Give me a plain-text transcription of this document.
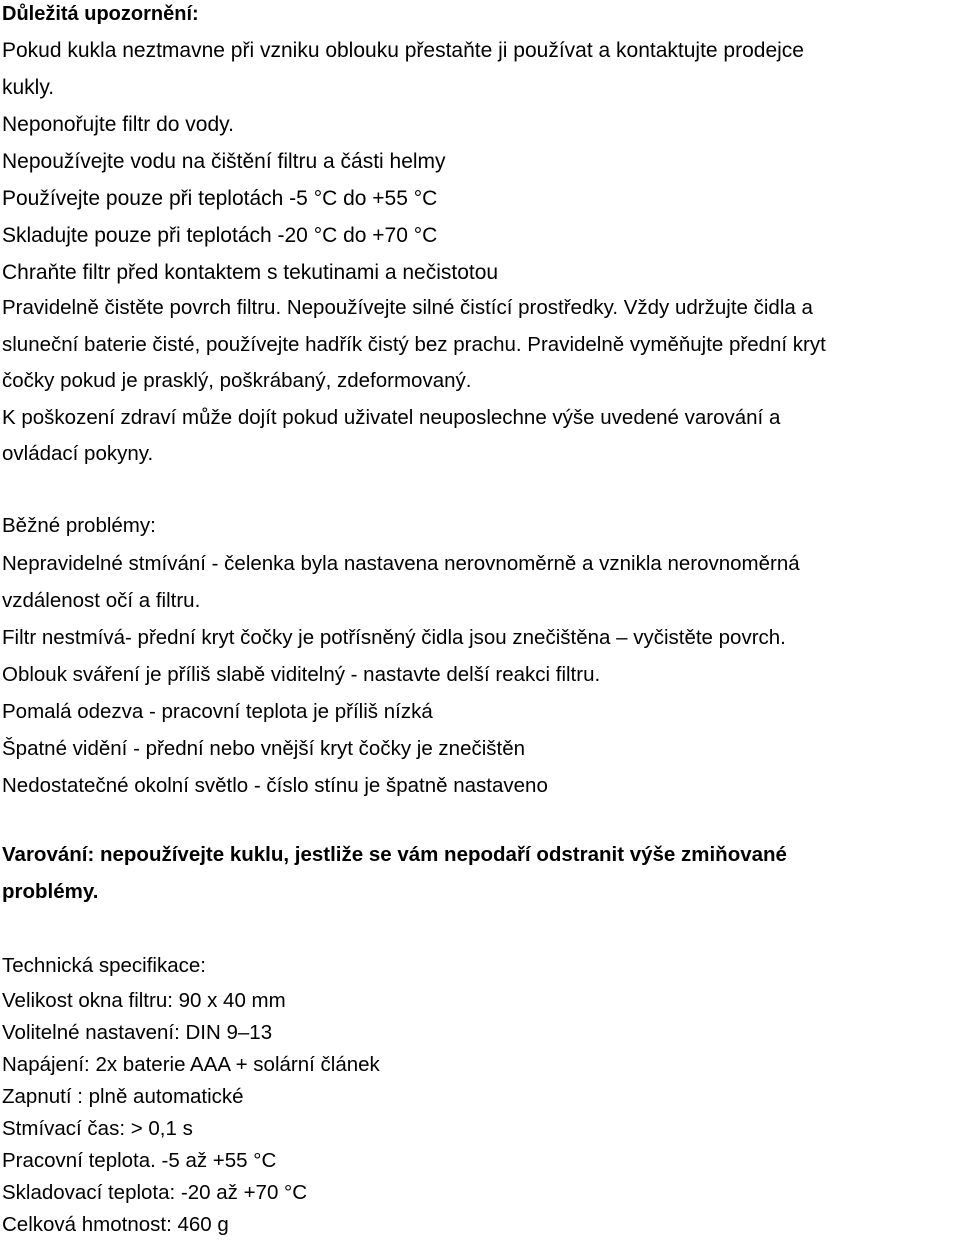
Důležitá upozornění:
Pokud kukla neztmavne při vzniku oblouku přestaňte ji používat a kontaktujte prodejce
kukly.
Neponořujte filtr do vody.
Nepoužívejte vodu na čištění filtru a části helmy
Používejte pouze při teplotách -5 °C do +55 °C
Skladujte pouze při teplotách -20 °C do +70 °C
Chraňte filtr před kontaktem s tekutinami a nečistotou
Pravidelně čistěte povrch filtru. Nepoužívejte silné čistící prostředky. Vždy udržujte čidla a
sluneční baterie čisté, používejte hadřík čistý bez prachu. Pravidelně vyměňujte přední kryt
čočky pokud je prasklý, poškrábaný, zdeformovaný.
K poškození zdraví může dojít pokud uživatel neuposlechne výše uvedené varování a
ovládací pokyny.
Běžné problémy:
Nepravidelné stmívání - čelenka byla nastavena nerovnoměrně a vznikla nerovnoměrná
vzdálenost očí a filtru.
Filtr nestmívá- přední kryt čočky je potřísněný čidla jsou znečištěna – vyčistěte povrch.
Oblouk sváření je příliš slabě viditelný - nastavte delší reakci filtru.
Pomalá odezva - pracovní teplota je příliš nízká
Špatné vidění - přední nebo vnější kryt čočky je znečištěn
Nedostatečné okolní světlo - číslo stínu je špatně nastaveno
Varování: nepoužívejte kuklu, jestliže se vám nepodaří odstranit výše zmiňované
problémy.
Technická specifikace:
Velikost okna filtru: 90 x 40 mm
Volitelné nastavení: DIN 9–13
Napájení: 2x baterie AAA + solární článek
Zapnutí : plně automatické
Stmívací čas: > 0,1 s
Pracovní teplota. -5 až +55 °C
Skladovací teplota: -20 až +70 °C
Celková hmotnost: 460 g
